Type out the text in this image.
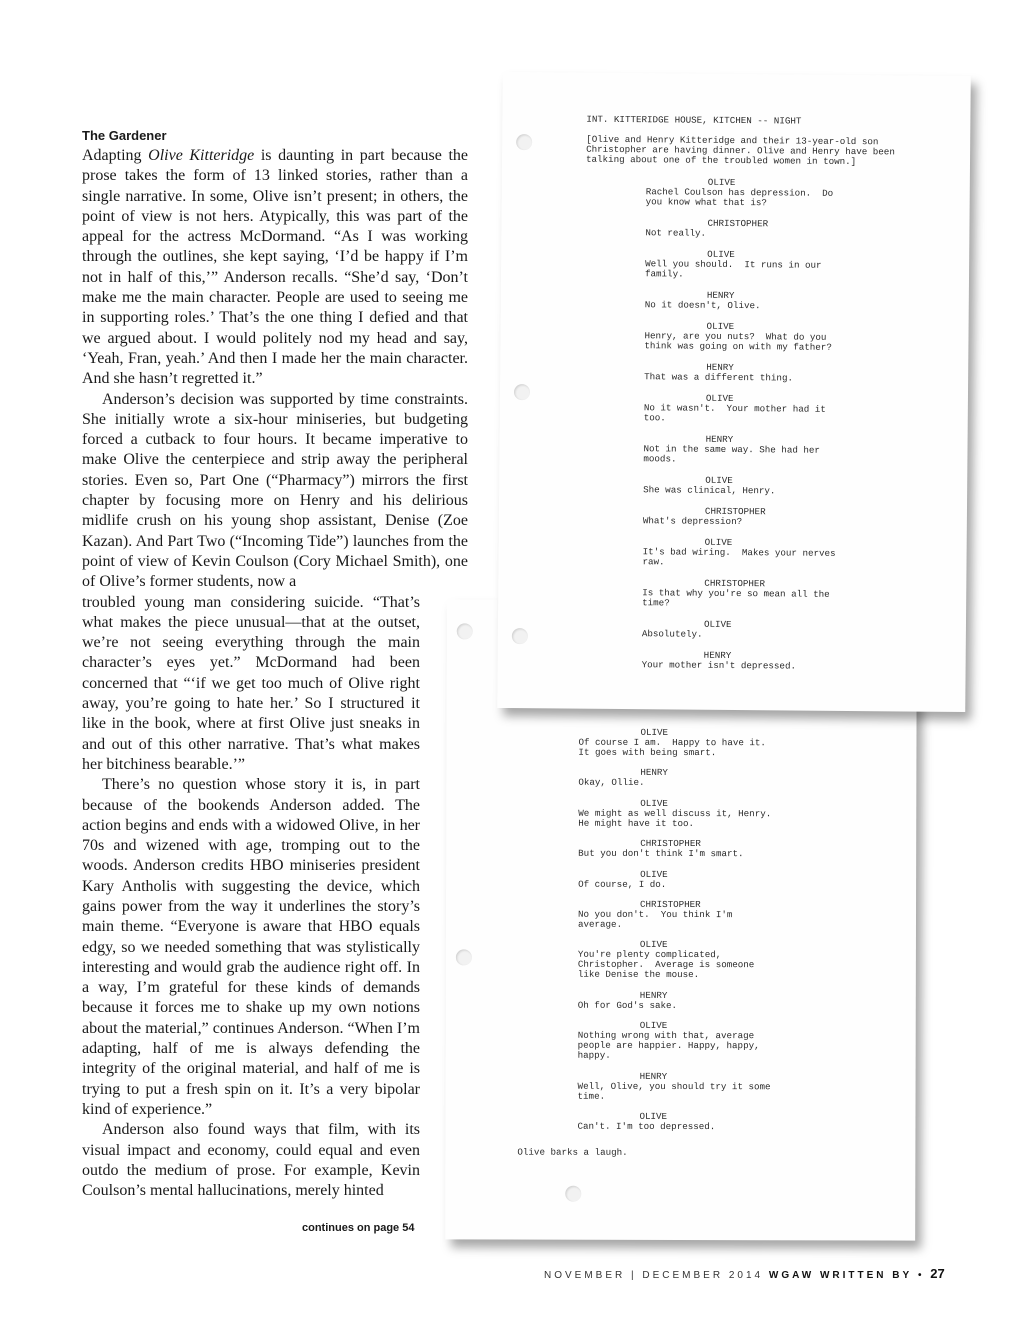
The Gardener

Adapting Olive Kitteridge is daunting in part because the prose takes the form of 13 linked stories, rather than a single narrative. In some, Olive isn’t present; in others, the point of view is not hers. Atypically, this was part of the appeal for the actress McDormand. “As I was working through the outlines, she kept saying, ‘I’d be happy if I’m not in half of this,’” Anderson recalls. “She’d say, ‘Don’t make me the main character. People are used to seeing me in supporting roles.’ That’s the one thing I defied and that we argued about. I would politely nod my head and say, ‘Yeah, Fran, yeah.’ And then I made her the main character. And she hasn’t regretted it.”

Anderson’s decision was supported by time constraints. She initially wrote a six-hour miniseries, but budgeting forced a cutback to four hours. It became imperative to make Olive the centerpiece and strip away the peripheral stories. Even so, Part One (“Pharmacy”) mirrors the first chapter by focusing more on Henry and his delirious midlife crush on his young shop assistant, Denise (Zoe Kazan). And Part Two (“Incoming Tide”) launches from the point of view of Kevin Coulson (Cory Michael Smith), one of Olive’s former students, now a

troubled young man considering suicide. “That’s what makes the piece unusual—that at the outset, we’re not seeing everything through the main character’s eyes yet.” McDormand had been concerned that “‘if we get too much of Olive right away, you’re going to hate her.’ So I structured it like in the book, where at first Olive just sneaks in and out of this other narrative. That’s what makes her bitchiness bearable.’”

There’s no question whose story it is, in part because of the bookends Anderson added. The action begins and ends with a widowed Olive, in her 70s and wizened with age, tromping out to the woods. Anderson credits HBO miniseries president Kary Antholis with suggesting the device, which gains power from the way it underlines the story’s main theme. “Everyone is aware that HBO equals edgy, so we needed something that was stylistically interesting and would grab the audience right off. In a way, I’m grateful for these kinds of demands because it forces me to shake up my own notions about the material,” continues Anderson. “When I’m adapting, half of me is always defending the integrity of the original material, and half of me is trying to put a fresh spin on it. It’s a very bipolar kind of experience.”

Anderson also found ways that film, with its visual impact and economy, could equal and even outdo the medium of prose. For example, Kevin Coulson’s mental hallucinations, merely hinted

continues on page 54
INT. KITTERIDGE HOUSE, KITCHEN -- NIGHT
[Olive and Henry Kitteridge and their 13-year-old son
Christopher are having dinner. Olive and Henry have been
talking about one of the troubled women in town.]
OLIVE
Rachel Coulson has depression.  Do
you know what that is?
CHRISTOPHER
Not really.
OLIVE
Well you should.  It runs in our
family.
HENRY
No it doesn't, Olive.
OLIVE
Henry, are you nuts?  What do you
think was going on with my father?
HENRY
That was a different thing.
OLIVE
No it wasn't.  Your mother had it
too.
HENRY
Not in the same way. She had her
moods.
OLIVE
She was clinical, Henry.
CHRISTOPHER
What's depression?
OLIVE
It's bad wiring.  Makes your nerves
raw.
CHRISTOPHER
Is that why you're so mean all the
time?
OLIVE
Absolutely.
HENRY
Your mother isn't depressed.
OLIVE
Of course I am.  Happy to have it.
It goes with being smart.
HENRY
Okay, Ollie.
OLIVE
We might as well discuss it, Henry.
He might have it too.
CHRISTOPHER
But you don't think I'm smart.
OLIVE
Of course, I do.
CHRISTOPHER
No you don't.  You think I'm
average.
OLIVE
You're plenty complicated,
Christopher.  Average is someone
like Denise the mouse.
HENRY
Oh for God's sake.
OLIVE
Nothing wrong with that, average
people are happier. Happy, happy,
happy.
HENRY
Well, Olive, you should try it some
time.
OLIVE
Can't. I'm too depressed.
Olive barks a laugh.
NOVEMBER | DECEMBER 2014 WGAW WRITTEN BY • 27
